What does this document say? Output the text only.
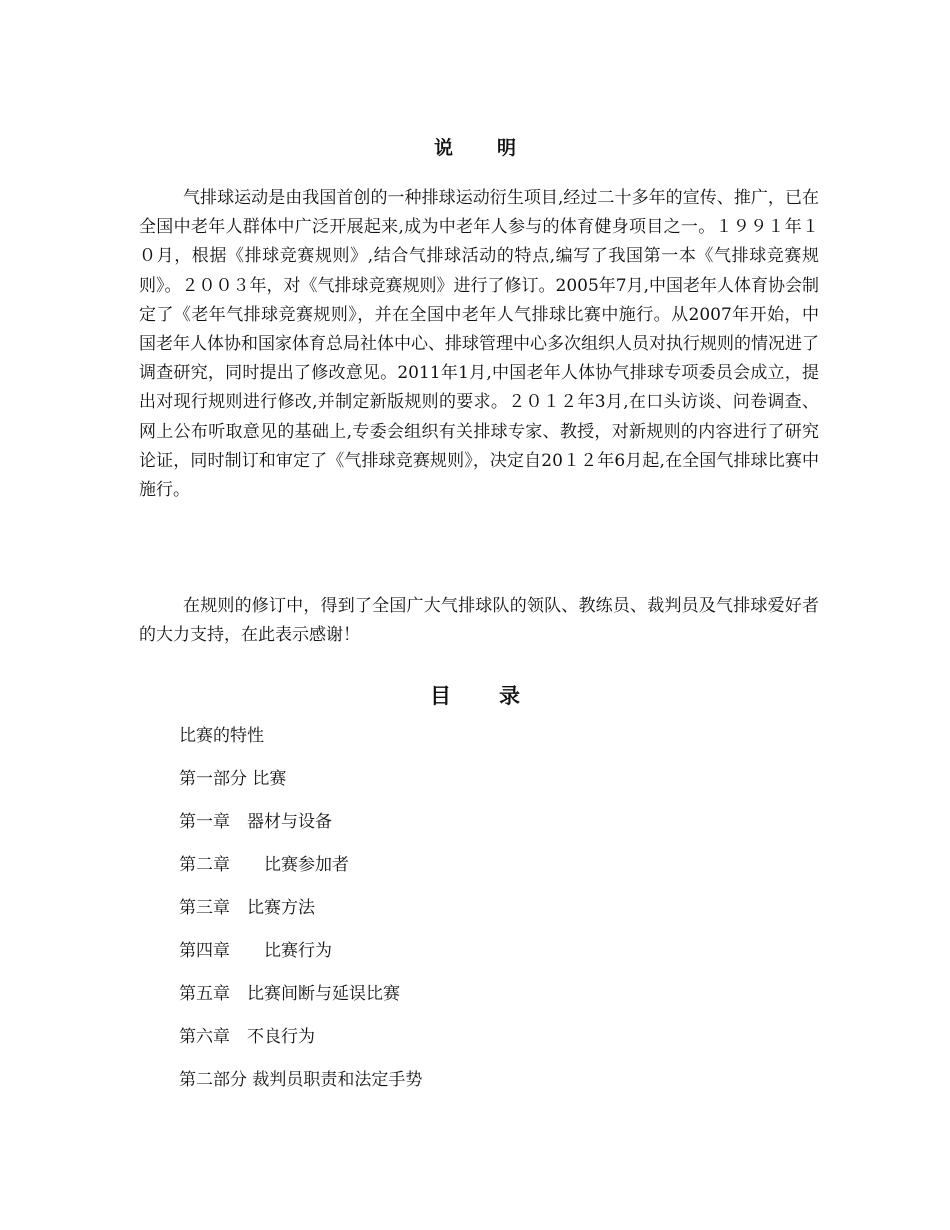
说 明

气排球运动是由我国首创的一种排球运动衍生项目,经过二十多年的宣传、推广，已在全国中老年人群体中广泛开展起来,成为中老年人参与的体育健身项目之一。１９９１年１０月，根据《排球竞赛规则》,结合气排球活动的特点,编写了我国第一本《气排球竞赛规则》。２００３年，对《气排球竞赛规则》进行了修订。2005年7月,中国老年人体育协会制定了《老年气排球竞赛规则》，并在全国中老年人气排球比赛中施行。从2007年开始，中国老年人体协和国家体育总局社体中心、排球管理中心多次组织人员对执行规则的情况进了调查研究，同时提出了修改意见。2011年1月,中国老年人体协气排球专项委员会成立，提出对现行规则进行修改,并制定新版规则的要求。２０１２年3月,在口头访谈、问卷调查、网上公布听取意见的基础上,专委会组织有关排球专家、教授，对新规则的内容进行了研究论证，同时制订和审定了《气排球竞赛规则》，决定自20１２年6月起,在全国气排球比赛中施行。

在规则的修订中，得到了全国广大气排球队的领队、教练员、裁判员及气排球爱好者的大力支持，在此表示感谢！

目 录
比赛的特性
第一部分 比赛
第一章　器材与设备
第二章　　比赛参加者
第三章　比赛方法
第四章　　比赛行为
第五章　比赛间断与延误比赛
第六章　不良行为
第二部分 裁判员职责和法定手势
